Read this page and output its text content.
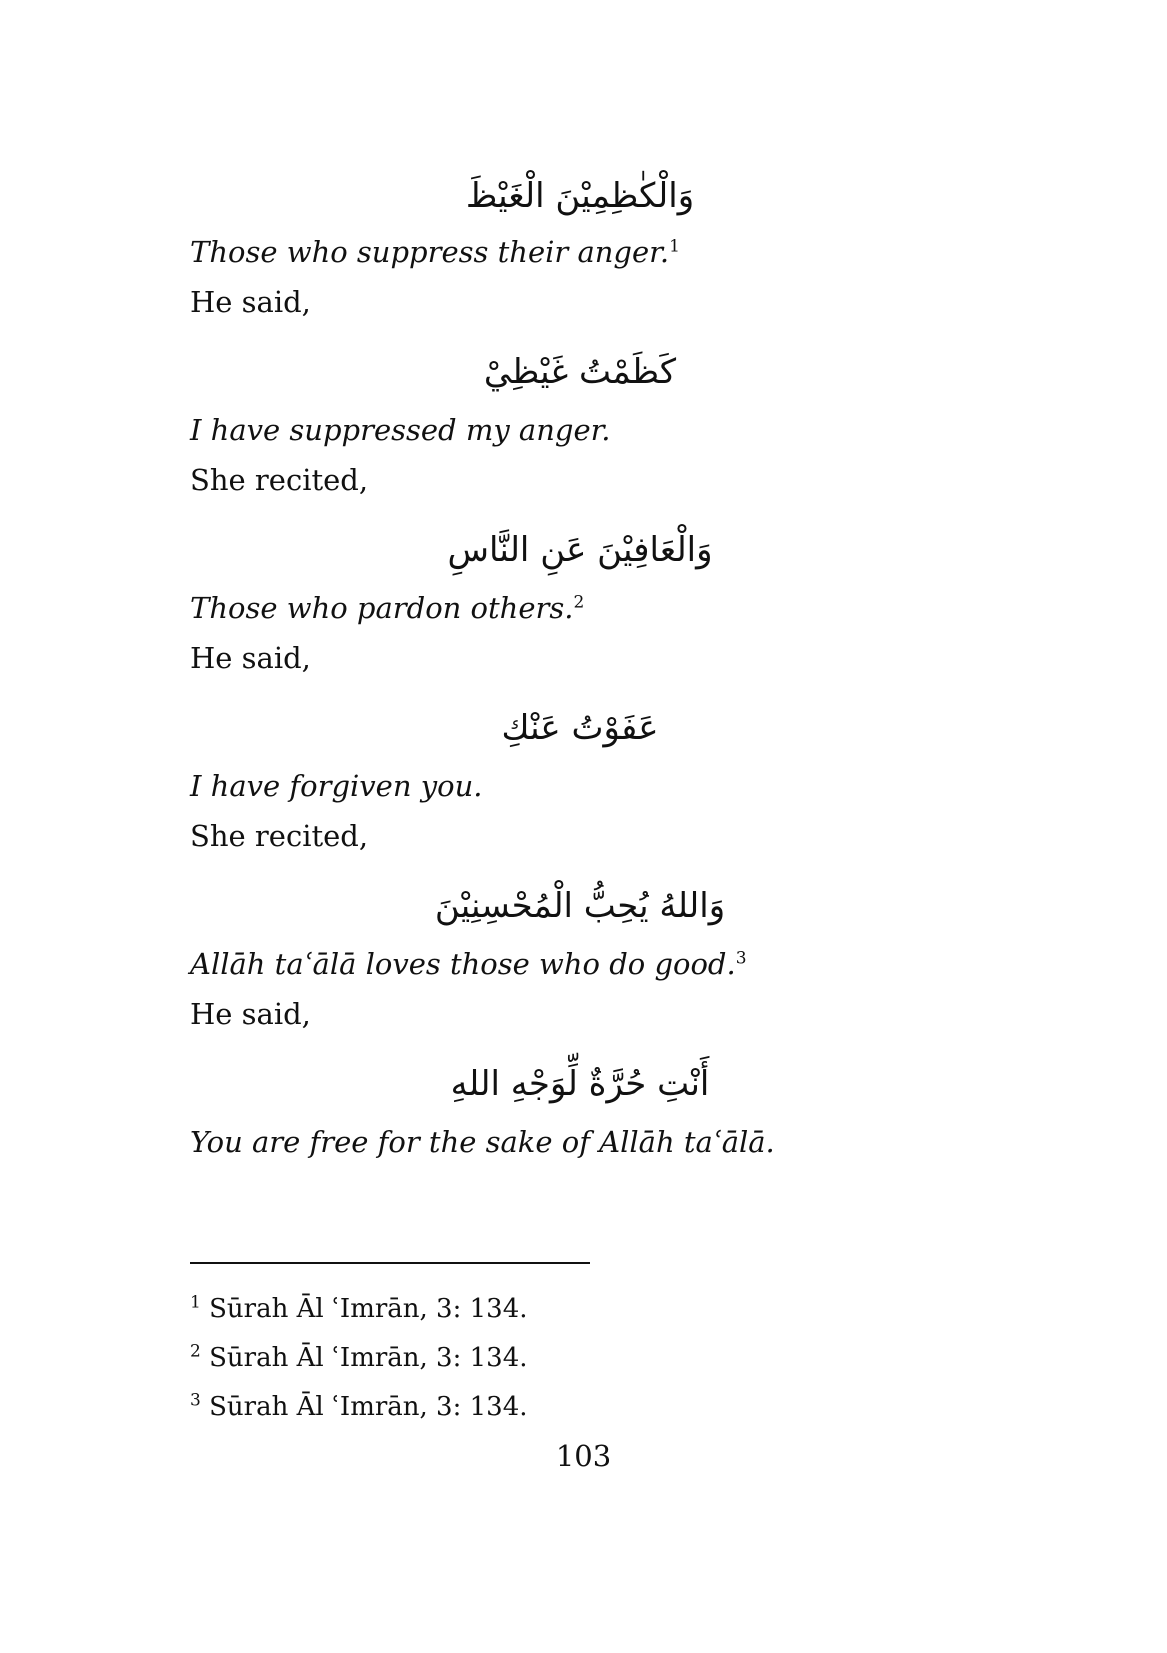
وَالْكٰظِمِيْنَ الْغَيْظَ
Those who suppress their anger.$^1$
He said,
كَظَمْتُ غَيْظِيْ
I have suppressed my anger.
She recited,
وَالْعَافِيْنَ عَنِ النَّاسِ
Those who pardon others.$^2$
He said,
عَفَوْتُ عَنْكِ
I have forgiven you.
She recited,
وَاللهُ يُحِبُّ الْمُحْسِنِيْنَ
Allāh taʿālā loves those who do good.$^3$
He said,
أَنْتِ حُرَّةٌ لِّوَجْهِ اللهِ
You are free for the sake of Allāh taʿālā.
$^1$ Sūrah Āl ʿImrān, 3: 134.
$^2$ Sūrah Āl ʿImrān, 3: 134.
$^3$ Sūrah Āl ʿImrān, 3: 134.
103
